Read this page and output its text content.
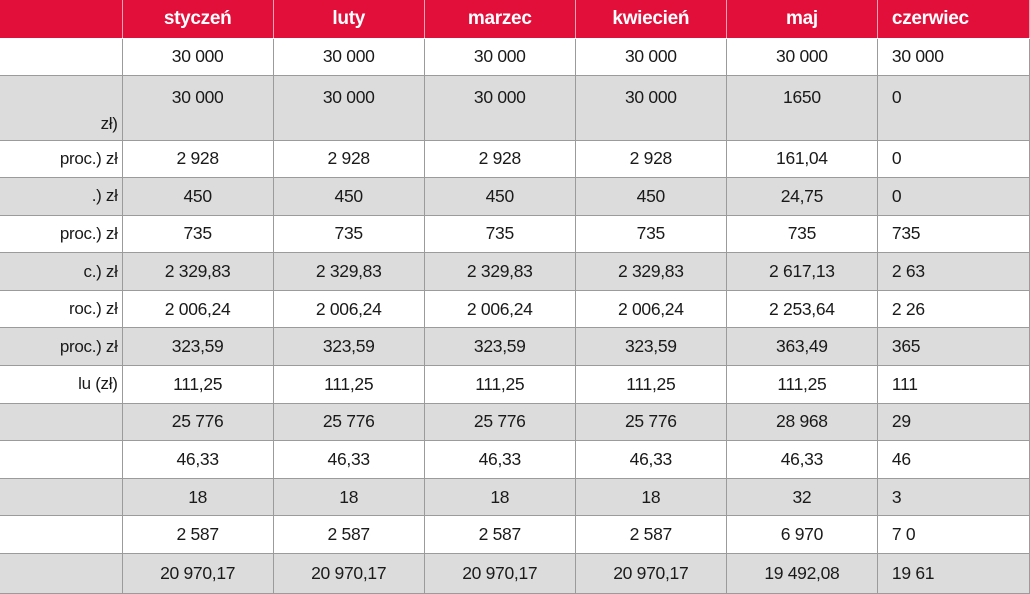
	styczeń	luty	marzec	kwiecień	maj	czerwiec
	30 000	30 000	30 000	30 000	30 000	30 000
zł)	30 000	30 000	30 000	30 000	1650	0
proc.) zł	2 928	2 928	2 928	2 928	161,04	0
.) zł	450	450	450	450	24,75	0
proc.) zł	735	735	735	735	735	735
c.) zł	2 329,83	2 329,83	2 329,83	2 329,83	2 617,13	2 63
roc.) zł	2 006,24	2 006,24	2 006,24	2 006,24	2 253,64	2 26
proc.) zł	323,59	323,59	323,59	323,59	363,49	365
lu (zł)	111,25	111,25	111,25	111,25	111,25	111
	25 776	25 776	25 776	25 776	28 968	29
	46,33	46,33	46,33	46,33	46,33	46
	18	18	18	18	32	3
	2 587	2 587	2 587	2 587	6 970	7 0
	20 970,17	20 970,17	20 970,17	20 970,17	19 492,08	19 61
